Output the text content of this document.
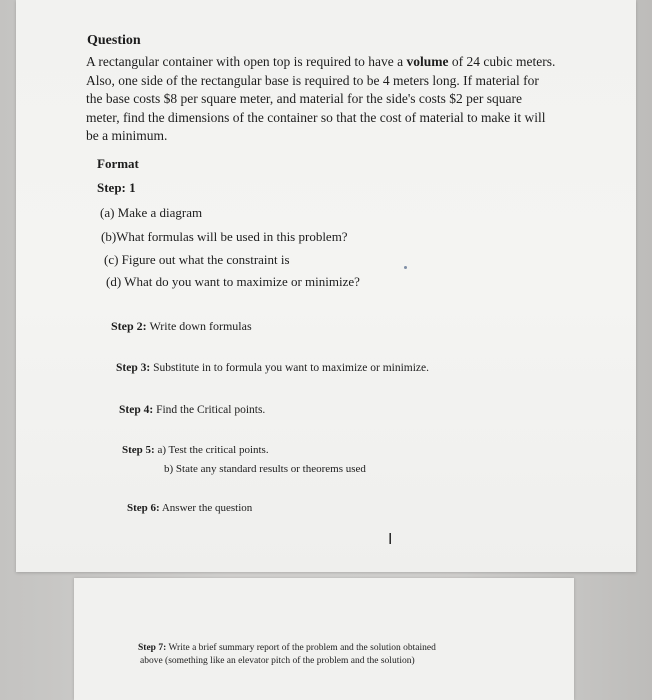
Question
A rectangular container with open top is required to have a volume of 24 cubic meters. Also, one side of the rectangular base is required to be 4 meters long. If material for the base costs $8 per square meter, and material for the side's costs $2 per square meter, find the dimensions of the container so that the cost of material to make it will be a minimum.
Format
Step: 1
(a) Make a diagram
(b)What formulas will be used in this problem?
(c) Figure out what the constraint is
(d) What do you want to maximize or minimize?
Step 2: Write down formulas
Step 3: Substitute in to formula you want to maximize or minimize.
Step 4: Find the Critical points.
Step 5: a) Test the critical points.
b) State any standard results or theorems used
Step 6: Answer the question
I
Step 7: Write a brief summary report of the problem and the solution obtained
above (something like an elevator pitch of the problem and the solution)
